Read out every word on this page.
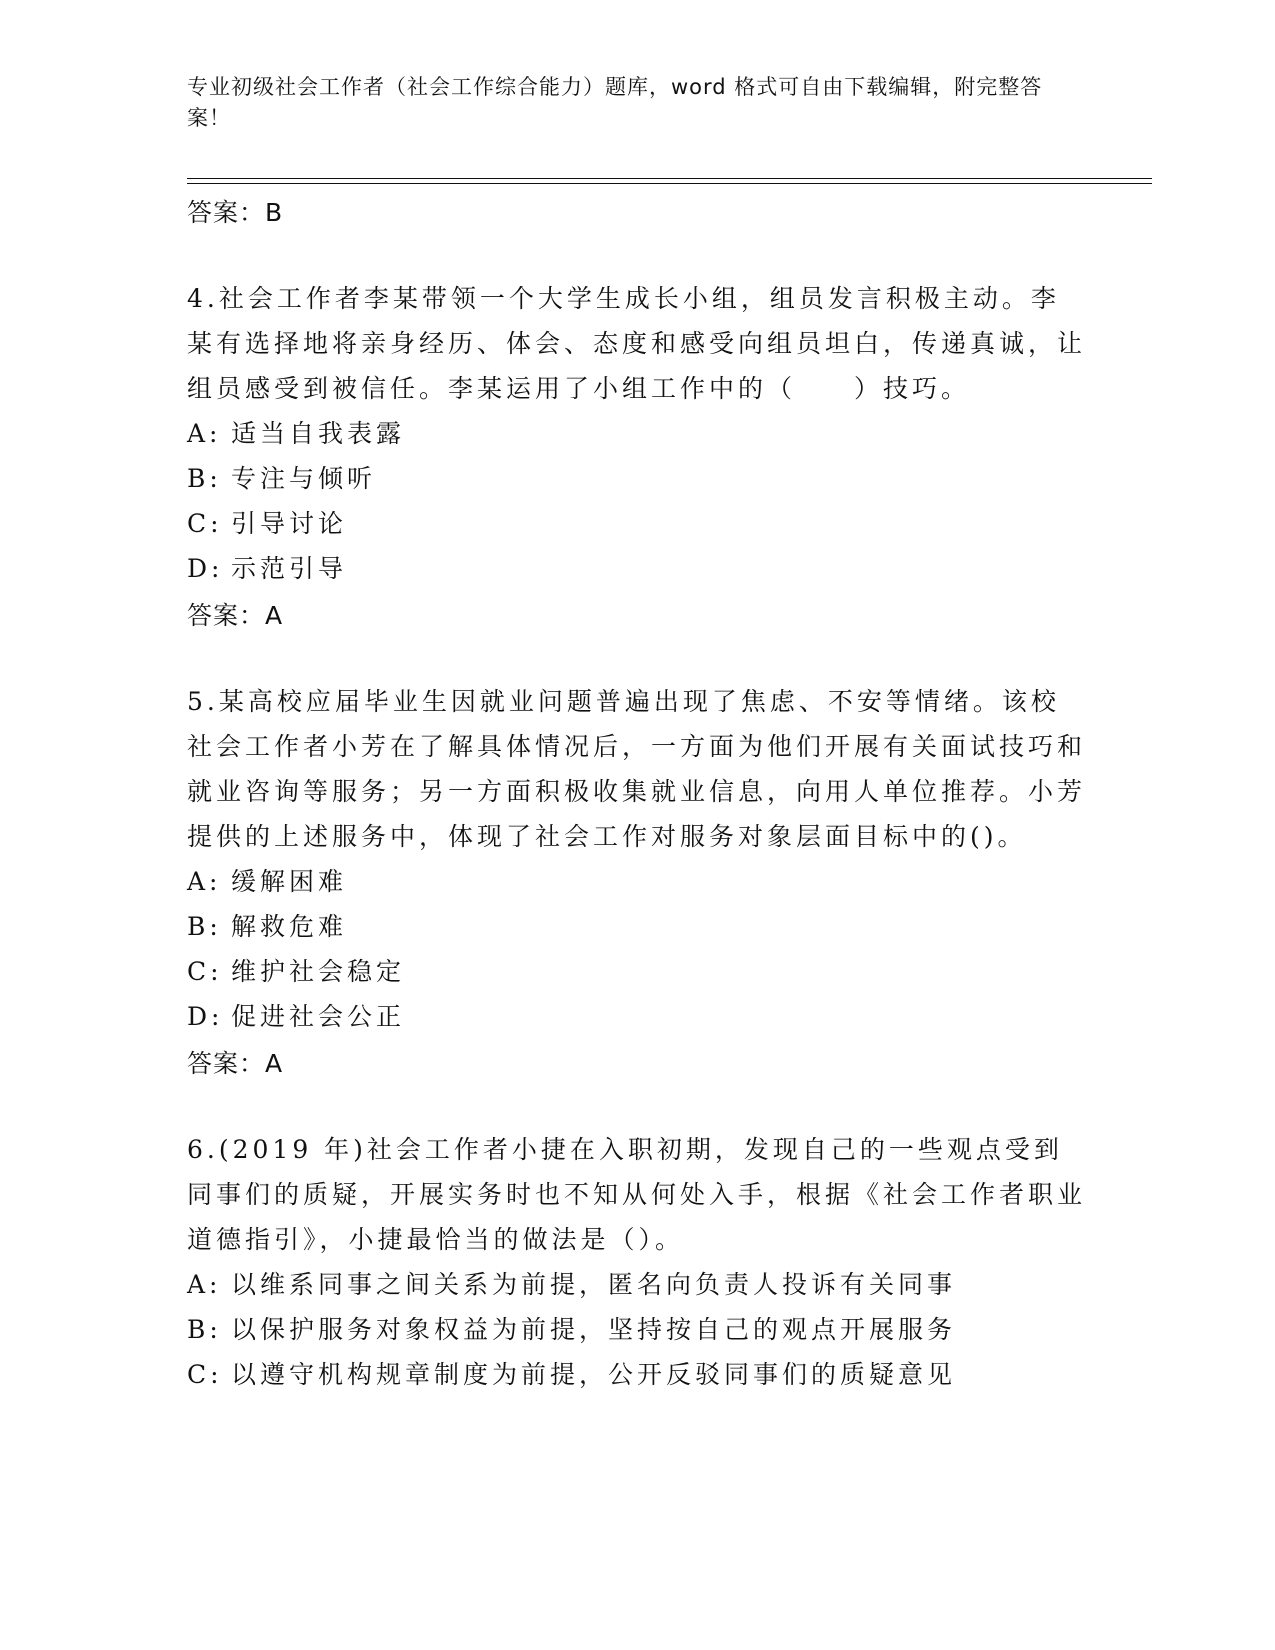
专业初级社会工作者（社会工作综合能力）题库，word 格式可自由下载编辑，附完整答案！

答案：B

4.社会工作者李某带领一个大学生成长小组，组员发言积极主动。李某有选择地将亲身经历、体会、态度和感受向组员坦白，传递真诚，让组员感受到被信任。李某运用了小组工作中的（　　）技巧。

A: 适当自我表露
B: 专注与倾听
C: 引导讨论
D: 示范引导

答案：A

5.某高校应届毕业生因就业问题普遍出现了焦虑、不安等情绪。该校社会工作者小芳在了解具体情况后，一方面为他们开展有关面试技巧和就业咨询等服务；另一方面积极收集就业信息，向用人单位推荐。小芳提供的上述服务中，体现了社会工作对服务对象层面目标中的()。

A: 缓解困难
B: 解救危难
C: 维护社会稳定
D: 促进社会公正

答案：A

6.(2019 年)社会工作者小捷在入职初期，发现自己的一些观点受到同事们的质疑，开展实务时也不知从何处入手，根据《社会工作者职业道德指引》，小捷最恰当的做法是（）。

A: 以维系同事之间关系为前提，匿名向负责人投诉有关同事
B: 以保护服务对象权益为前提，坚持按自己的观点开展服务
C: 以遵守机构规章制度为前提，公开反驳同事们的质疑意见
